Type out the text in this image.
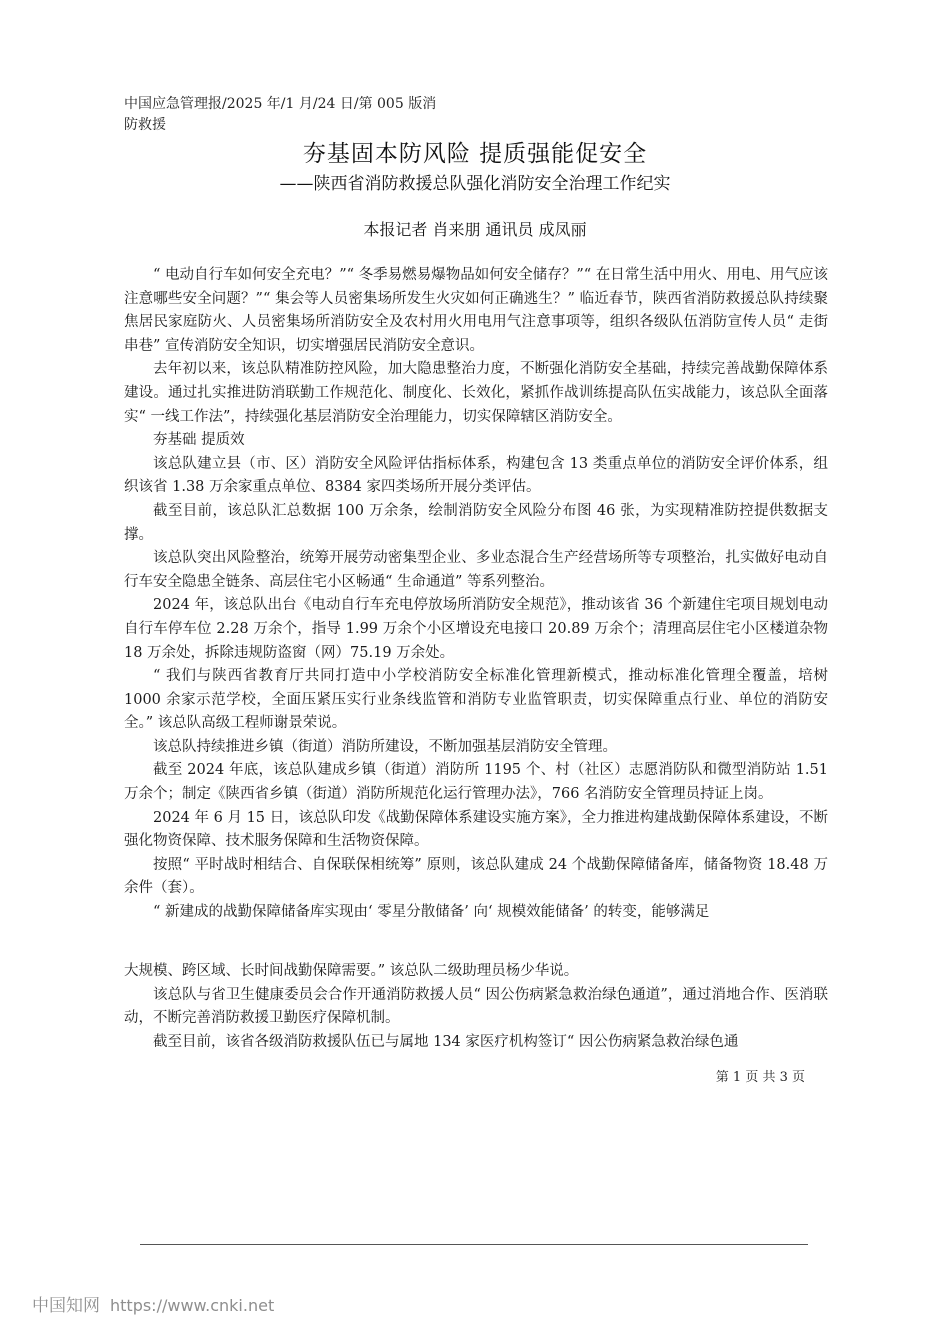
中国应急管理报/2025 年/1 月/24 日/第 005 版消防救援
夯基固本防风险 提质强能促安全
——陕西省消防救援总队强化消防安全治理工作纪实
本报记者 肖来朋 通讯员 成凤丽

“ 电动自行车如何安全充电？”“ 冬季易燃易爆物品如何安全储存？”“ 在日常生活中用火、用电、用气应该注意哪些安全问题？”“ 集会等人员密集场所发生火灾如何正确逃生？” 临近春节，陕西省消防救援总队持续聚焦居民家庭防火、人员密集场所消防安全及农村用火用电用气注意事项等，组织各级队伍消防宣传人员“ 走街串巷” 宣传消防安全知识，切实增强居民消防安全意识。

去年初以来，该总队精准防控风险，加大隐患整治力度，不断强化消防安全基础，持续完善战勤保障体系建设。通过扎实推进防消联勤工作规范化、制度化、长效化，紧抓作战训练提高队伍实战能力，该总队全面落实“ 一线工作法”，持续强化基层消防安全治理能力，切实保障辖区消防安全。

夯基础 提质效

该总队建立县（市、区）消防安全风险评估指标体系，构建包含 13 类重点单位的消防安全评价体系，组织该省 1.38 万余家重点单位、8384 家四类场所开展分类评估。

截至目前，该总队汇总数据 100 万余条，绘制消防安全风险分布图 46 张，为实现精准防控提供数据支撑。

该总队突出风险整治，统筹开展劳动密集型企业、多业态混合生产经营场所等专项整治，扎实做好电动自行车安全隐患全链条、高层住宅小区畅通“ 生命通道” 等系列整治。

2024 年，该总队出台《电动自行车充电停放场所消防安全规范》，推动该省 36 个新建住宅项目规划电动自行车停车位 2.28 万余个，指导 1.99 万余个小区增设充电接口 20.89 万余个；清理高层住宅小区楼道杂物 18 万余处，拆除违规防盗窗（网）75.19 万余处。

“ 我们与陕西省教育厅共同打造中小学校消防安全标准化管理新模式，推动标准化管理全覆盖，培树 1000 余家示范学校，全面压紧压实行业条线监管和消防专业监管职责，切实保障重点行业、单位的消防安全。” 该总队高级工程师谢景荣说。

该总队持续推进乡镇（街道）消防所建设，不断加强基层消防安全管理。

截至 2024 年底，该总队建成乡镇（街道）消防所 1195 个、村（社区）志愿消防队和微型消防站 1.51 万余个；制定《陕西省乡镇（街道）消防所规范化运行管理办法》，766 名消防安全管理员持证上岗。

2024 年 6 月 15 日，该总队印发《战勤保障体系建设实施方案》，全力推进构建战勤保障体系建设，不断强化物资保障、技术服务保障和生活物资保障。

按照“ 平时战时相结合、自保联保相统筹” 原则，该总队建成 24 个战勤保障储备库，储备物资 18.48 万余件（套）。

“ 新建成的战勤保障储备库实现由‘ 零星分散储备’ 向‘ 规模效能储备’ 的转变，能够满足

大规模、跨区域、长时间战勤保障需要。” 该总队二级助理员杨少华说。

该总队与省卫生健康委员会合作开通消防救援人员“ 因公伤病紧急救治绿色通道”，通过消地合作、医消联动，不断完善消防救援卫勤医疗保障机制。

截至目前，该省各级消防救援队伍已与属地 134 家医疗机构签订“ 因公伤病紧急救治绿色通

第 1 页 共 3 页
中国知网 https://www.cnki.net
